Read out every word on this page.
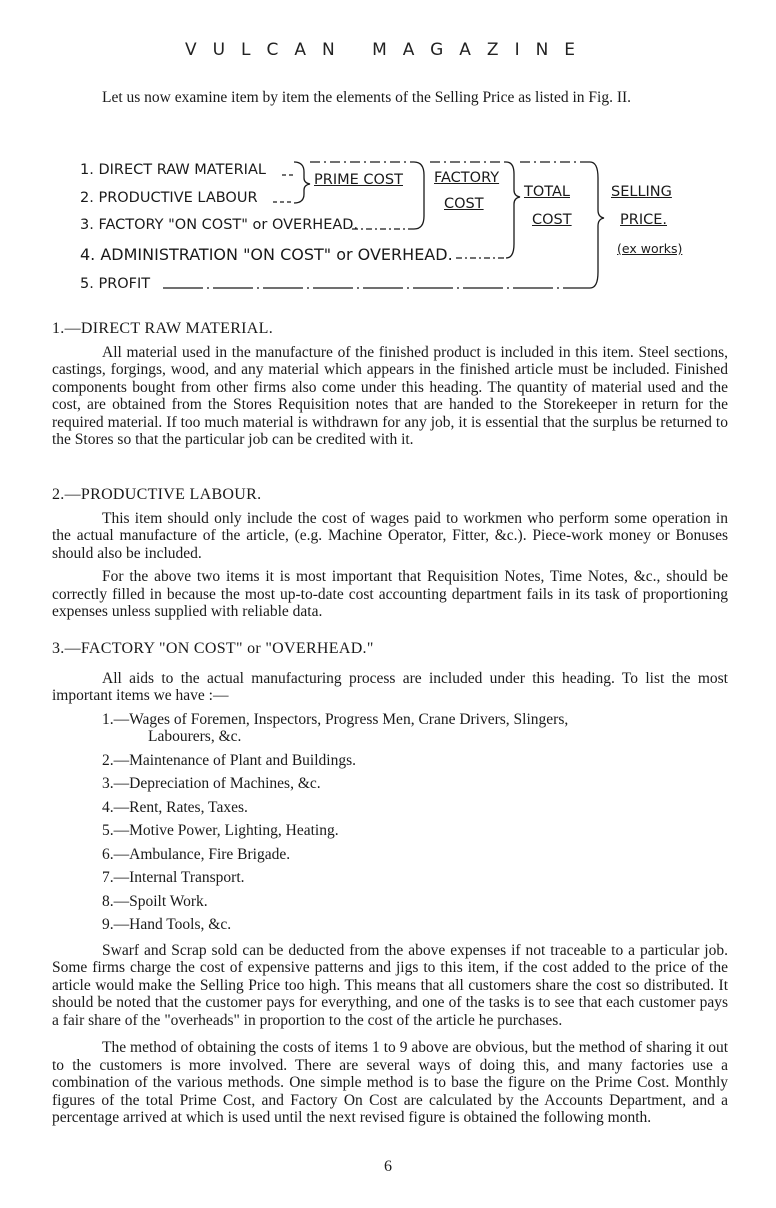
VULCAN MAGAZINE
Let us now examine item by item the elements of the Selling Price as listed in Fig. II.
1. DIRECT RAW MATERIAL
2. PRODUCTIVE LABOUR
3. FACTORY "ON COST" or OVERHEAD.
4. ADMINISTRATION "ON COST" or OVERHEAD.
5. PROFIT
PRIME COST FACTORY
COST
TOTAL
COST
SELLING
PRICE.
(ex works)
1.—DIRECT RAW MATERIAL.

All material used in the manufacture of the finished product is included in this item. Steel sections, castings, forgings, wood, and any material which appears in the finished article must be included. Finished components bought from other firms also come under this heading. The quantity of material used and the cost, are obtained from the Stores Requisition notes that are handed to the Storekeeper in return for the required material. If too much material is withdrawn for any job, it is essential that the surplus be returned to the Stores so that the particular job can be credited with it.

2.—PRODUCTIVE LABOUR.

This item should only include the cost of wages paid to workmen who perform some operation in the actual manufacture of the article, (e.g. Machine Operator, Fitter, &c.). Piece-work money or Bonuses should also be included.

For the above two items it is most important that Requisition Notes, Time Notes, &c., should be correctly filled in because the most up-to-date cost accounting department fails in its task of proportioning expenses unless supplied with reliable data.

3.—FACTORY "ON COST" or "OVERHEAD."

All aids to the actual manufacturing process are included under this heading. To list the most important items we have :—

1.—Wages of Foremen, Inspectors, Progress Men, Crane Drivers, Slingers,
Labourers, &c.
2.—Maintenance of Plant and Buildings.
3.—Depreciation of Machines, &c.
4.—Rent, Rates, Taxes.
5.—Motive Power, Lighting, Heating.
6.—Ambulance, Fire Brigade.
7.—Internal Transport.
8.—Spoilt Work.
9.—Hand Tools, &c.

Swarf and Scrap sold can be deducted from the above expenses if not traceable to a particular job. Some firms charge the cost of expensive patterns and jigs to this item, if the cost added to the price of the article would make the Selling Price too high. This means that all customers share the cost so distributed. It should be noted that the customer pays for everything, and one of the tasks is to see that each customer pays a fair share of the "overheads" in proportion to the cost of the article he purchases.

The method of obtaining the costs of items 1 to 9 above are obvious, but the method of sharing it out to the customers is more involved. There are several ways of doing this, and many factories use a combination of the various methods. One simple method is to base the figure on the Prime Cost. Monthly figures of the total Prime Cost, and Factory On Cost are calculated by the Accounts Department, and a percentage arrived at which is used until the next revised figure is obtained the following month.

6
